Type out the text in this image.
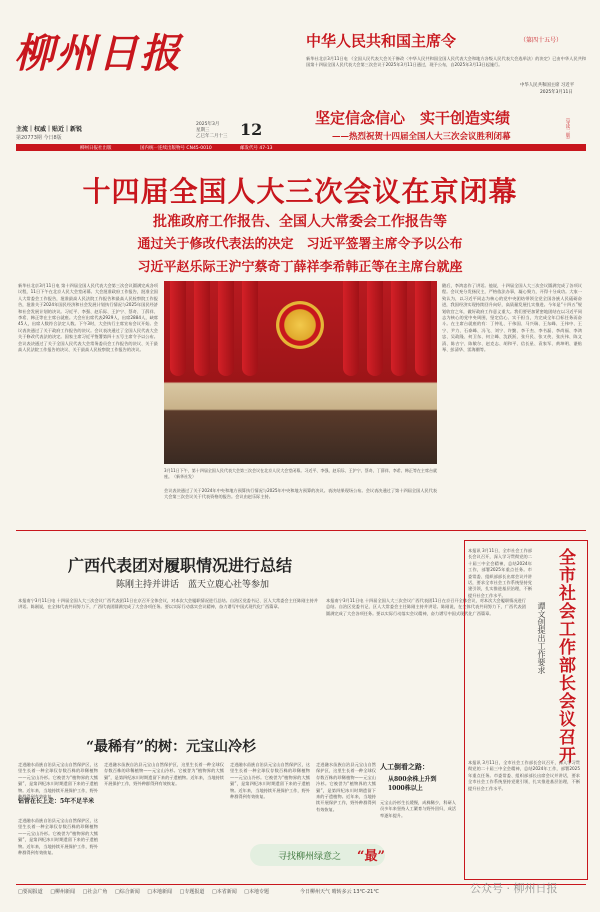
柳州日报
主流｜权威｜贴近｜新锐
第20773期 今日8版
2025年3月
星期三
乙巳年二月十三 12
中华人民共和国主席令	（第四十五号）
新华社北京3月11日电 《全国人民代表大会关于修改〈中华人民共和国全国人民代表大会和地方各级人民代表大会选举法〉的决定》已由中华人民共和国第十四届全国人民代表大会第三次会议于2025年3月11日通过，现予公布，自2025年3月13日起施行。
中华人民共和国主席 习近平
2025年3月11日
坚定信念信心　实干创造实绩
——热烈祝贺十四届全国人大三次会议胜利闭幕	（导读二版）
柳州日报社出版	国内统一连续出版物号 CN45-0010	邮发代号 47-13
十四届全国人大三次会议在京闭幕
批准政府工作报告、全国人大常委会工作报告等
通过关于修改代表法的决定　习近平签署主席令予以公布
习近平赵乐际王沪宁蔡奇丁薛祥李希韩正等在主席台就座
3月11日下午，第十四届全国人民代表大会第三次会议在北京人民大会堂闭幕。习近平、李强、赵乐际、王沪宁、蔡奇、丁薛祥、李希、韩正等在主席台就座。（新华社发）
新华社北京3月11日电 第十四届全国人民代表大会第三次会议圆满完成各项议程，11日下午在北京人民大会堂闭幕。大会批准政府工作报告，批准全国人大常委会工作报告，批准最高人民法院工作报告和最高人民检察院工作报告，批准关于2024年国民经济和社会发展计划执行情况与2025年国民经济和社会发展计划的决议。习近平、李强、赵乐际、王沪宁、蔡奇、丁薛祥、李希、韩正等在主席台就座。大会应出席代表2929人，出席2884人，缺席45人，出席人数符合法定人数。下午3时，大会执行主席宣布会议开始。会议表决通过了关于政府工作报告的决议。会议表决通过了全国人民代表大会关于修改代表法的决定。国家主席习近平签署第四十五号主席令予以公布。会议表决通过了关于全国人民代表大会常务委员会工作报告的决议、关于最高人民法院工作报告的决议、关于最高人民检察院工作报告的决议。
会议表决通过了关于2024年中央和地方预算执行情况与2025年中央和地方预算的决议。表决结果现场公布。会议表决通过了第十四届全国人民代表大会第三次会议关于代表资格的报告。会议由赵乐际主持。
随后，李鸿忠作了讲话。他说，十四届全国人大三次会议圆满完成了各项议程。会议充分发扬民主，严格依法办事，凝心聚力，开得十分成功。大家一致认为，以习近平同志为核心的党中央团结带领全党全国各族人民砥砺奋进，我国经济实现持续回升向好，高质量发展扎实推进。今年是“十四五”规划收官之年，做好政府工作意义重大。我们要更加紧密地团结在以习近平同志为核心的党中央周围，坚定信心、实干担当，为完成全年目标任务而奋斗。在主席台就座的有：丁仲礼、于伟国、马兴瑞、王东峰、王伟中、王宁、尹力、石泰峰、冯飞、刘宁、许勤、李干杰、李书磊、李尚福、李鸿忠、吴政隆、何卫东、何立峰、沈跃跃、张升民、张又侠、张庆伟、陈文清、陈吉宁、陈敏尔、赵克志、胡和平、信长星、袁家军、黄坤明、谌贻琴、彭清华、雷海潮等。
广西代表团对履职情况进行总结
陈刚主持并讲话　蓝天立鹿心社等参加
本报南宁3月11日电 十四届全国人大三次会议广西代表团11日在京召开全体会议，对本次大会履职情况进行总结。自治区党委书记、区人大常委会主任陈刚主持并讲话。陈刚说，在全体代表共同努力下，广西代表团圆满完成了大会各项任务。要以实际行动落实会议精神，奋力谱写中国式现代化广西篇章。
本报南宁3月11日电 十四届全国人大三次会议广西代表团11日在京召开全体会议，对本次大会履职情况进行总结。自治区党委书记、区人大常委会主任陈刚主持并讲话。陈刚说，在全体代表共同努力下，广西代表团圆满完成了大会各项任务。要以实际行动落实会议精神，奋力谱写中国式现代化广西篇章。
“最稀有”的树：元宝山冷杉
走进融水苗族自治县元宝山自然保护区，这里生长着一种全球仅存数百株的珍稀植物——元宝山冷杉。它被誉为“植物界的大熊猫”，是第四纪冰川时期遗留下来的孑遗植物。近年来，当地持续开展保护工作，野外种群得到有效恢复。
钻营在长上走：5年不足半米
走进融水苗族自治县元宝山自然保护区，这里生长着一种全球仅存数百株的珍稀植物——元宝山冷杉。它被誉为“植物界的大熊猫”，是第四纪冰川时期遗留下来的孑遗植物。近年来，当地持续开展保护工作，野外种群得到有效恢复。
走进融水苗族自治县元宝山自然保护区，这里生长着一种全球仅存数百株的珍稀植物——元宝山冷杉。它被誉为“植物界的大熊猫”，是第四纪冰川时期遗留下来的孑遗植物。近年来，当地持续开展保护工作，野外种群得到有效恢复。
走进融水苗族自治县元宝山自然保护区，这里生长着一种全球仅存数百株的珍稀植物——元宝山冷杉。它被誉为“植物界的大熊猫”，是第四纪冰川时期遗留下来的孑遗植物。近年来，当地持续开展保护工作，野外种群得到有效恢复。
走进融水苗族自治县元宝山自然保护区，这里生长着一种全球仅存数百株的珍稀植物——元宝山冷杉。它被誉为“植物界的大熊猫”，是第四纪冰川时期遗留下来的孑遗植物。近年来，当地持续开展保护工作，野外种群得到有效恢复。
人工倒看之路：
从800余株上升到1000株以上
元宝山冷杉生长缓慢，成株稀少，科研人员多年来坚持人工繁育与野外回归，成活率逐年提升。
寻找柳州绿意之 “最”
全市社会工作部长会议召开
谭文创提出工作要求
本报讯 3月11日，全市社会工作部长会议召开，深入学习贯彻党的二十届三中全会精神，总结2024年工作，部署2025年重点任务。市委常委、组织部部长出席会议并讲话，要求全市社会工作系统坚持党建引领，扎实推进基层治理，不断提升社会工作水平。
本报讯 3月11日，全市社会工作部长会议召开，深入学习贯彻党的二十届三中全会精神，总结2024年工作，部署2025年重点任务。市委常委、组织部部长出席会议并讲话，要求全市社会工作系统坚持党建引领，扎实推进基层治理，不断提升社会工作水平。
□要闻报道 □柳州新闻 □社会广角 □综合新闻 □本地新闻 □专题报道 □本省新闻 □本地专题	今日柳州天气 晴转多云 13℃-21℃	公众号 · 柳州日报
